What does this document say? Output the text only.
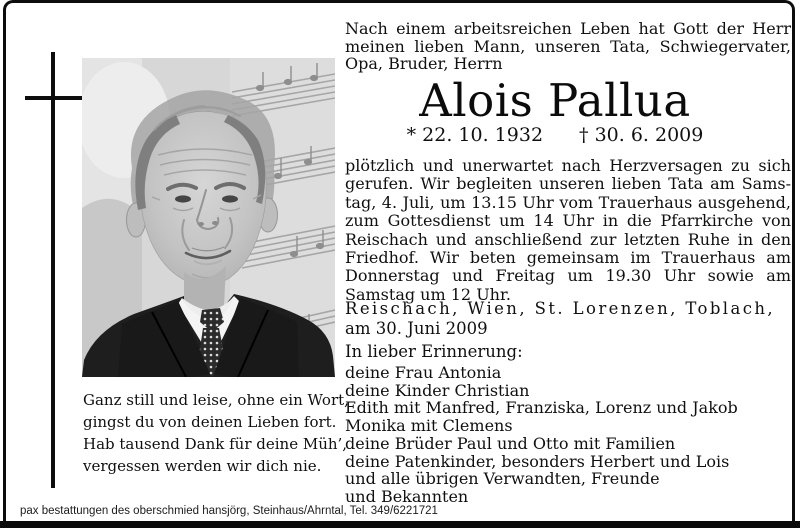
Ganz still und leise, ohne ein Wort,
gingst du von deinen Lieben fort.
Hab tausend Dank für deine Müh’,
vergessen werden wir dich nie.
Nach einem arbeitsreichen Leben hat Gott der Herr
meinen lieben Mann, unseren Tata, Schwiegervater,
Opa, Bruder, Herrn
Alois Pallua
* 22. 10. 1932 † 30. 6. 2009
plötzlich und unerwartet nach Herzversagen zu sich
gerufen. Wir begleiten unseren lieben Tata am Sams-
tag, 4. Juli, um 13.15 Uhr vom Trauerhaus ausgehend,
zum Gottesdienst um 14 Uhr in die Pfarrkirche von
Reischach und anschließend zur letzten Ruhe in den
Friedhof. Wir beten gemeinsam im Trauerhaus am
Donnerstag und Freitag um 19.30 Uhr sowie am
Samstag um 12 Uhr.
Reischach, Wien, St. Lorenzen, Toblach,
am 30. Juni 2009
In lieber Erinnerung:
deine Frau Antonia
deine Kinder Christian
Edith mit Manfred, Franziska, Lorenz und Jakob
Monika mit Clemens
deine Brüder Paul und Otto mit Familien
deine Patenkinder, besonders Herbert und Lois
und alle übrigen Verwandten, Freunde
und Bekannten
pax bestattungen des oberschmied hansjörg, Steinhaus/Ahrntal, Tel. 349/6221721
